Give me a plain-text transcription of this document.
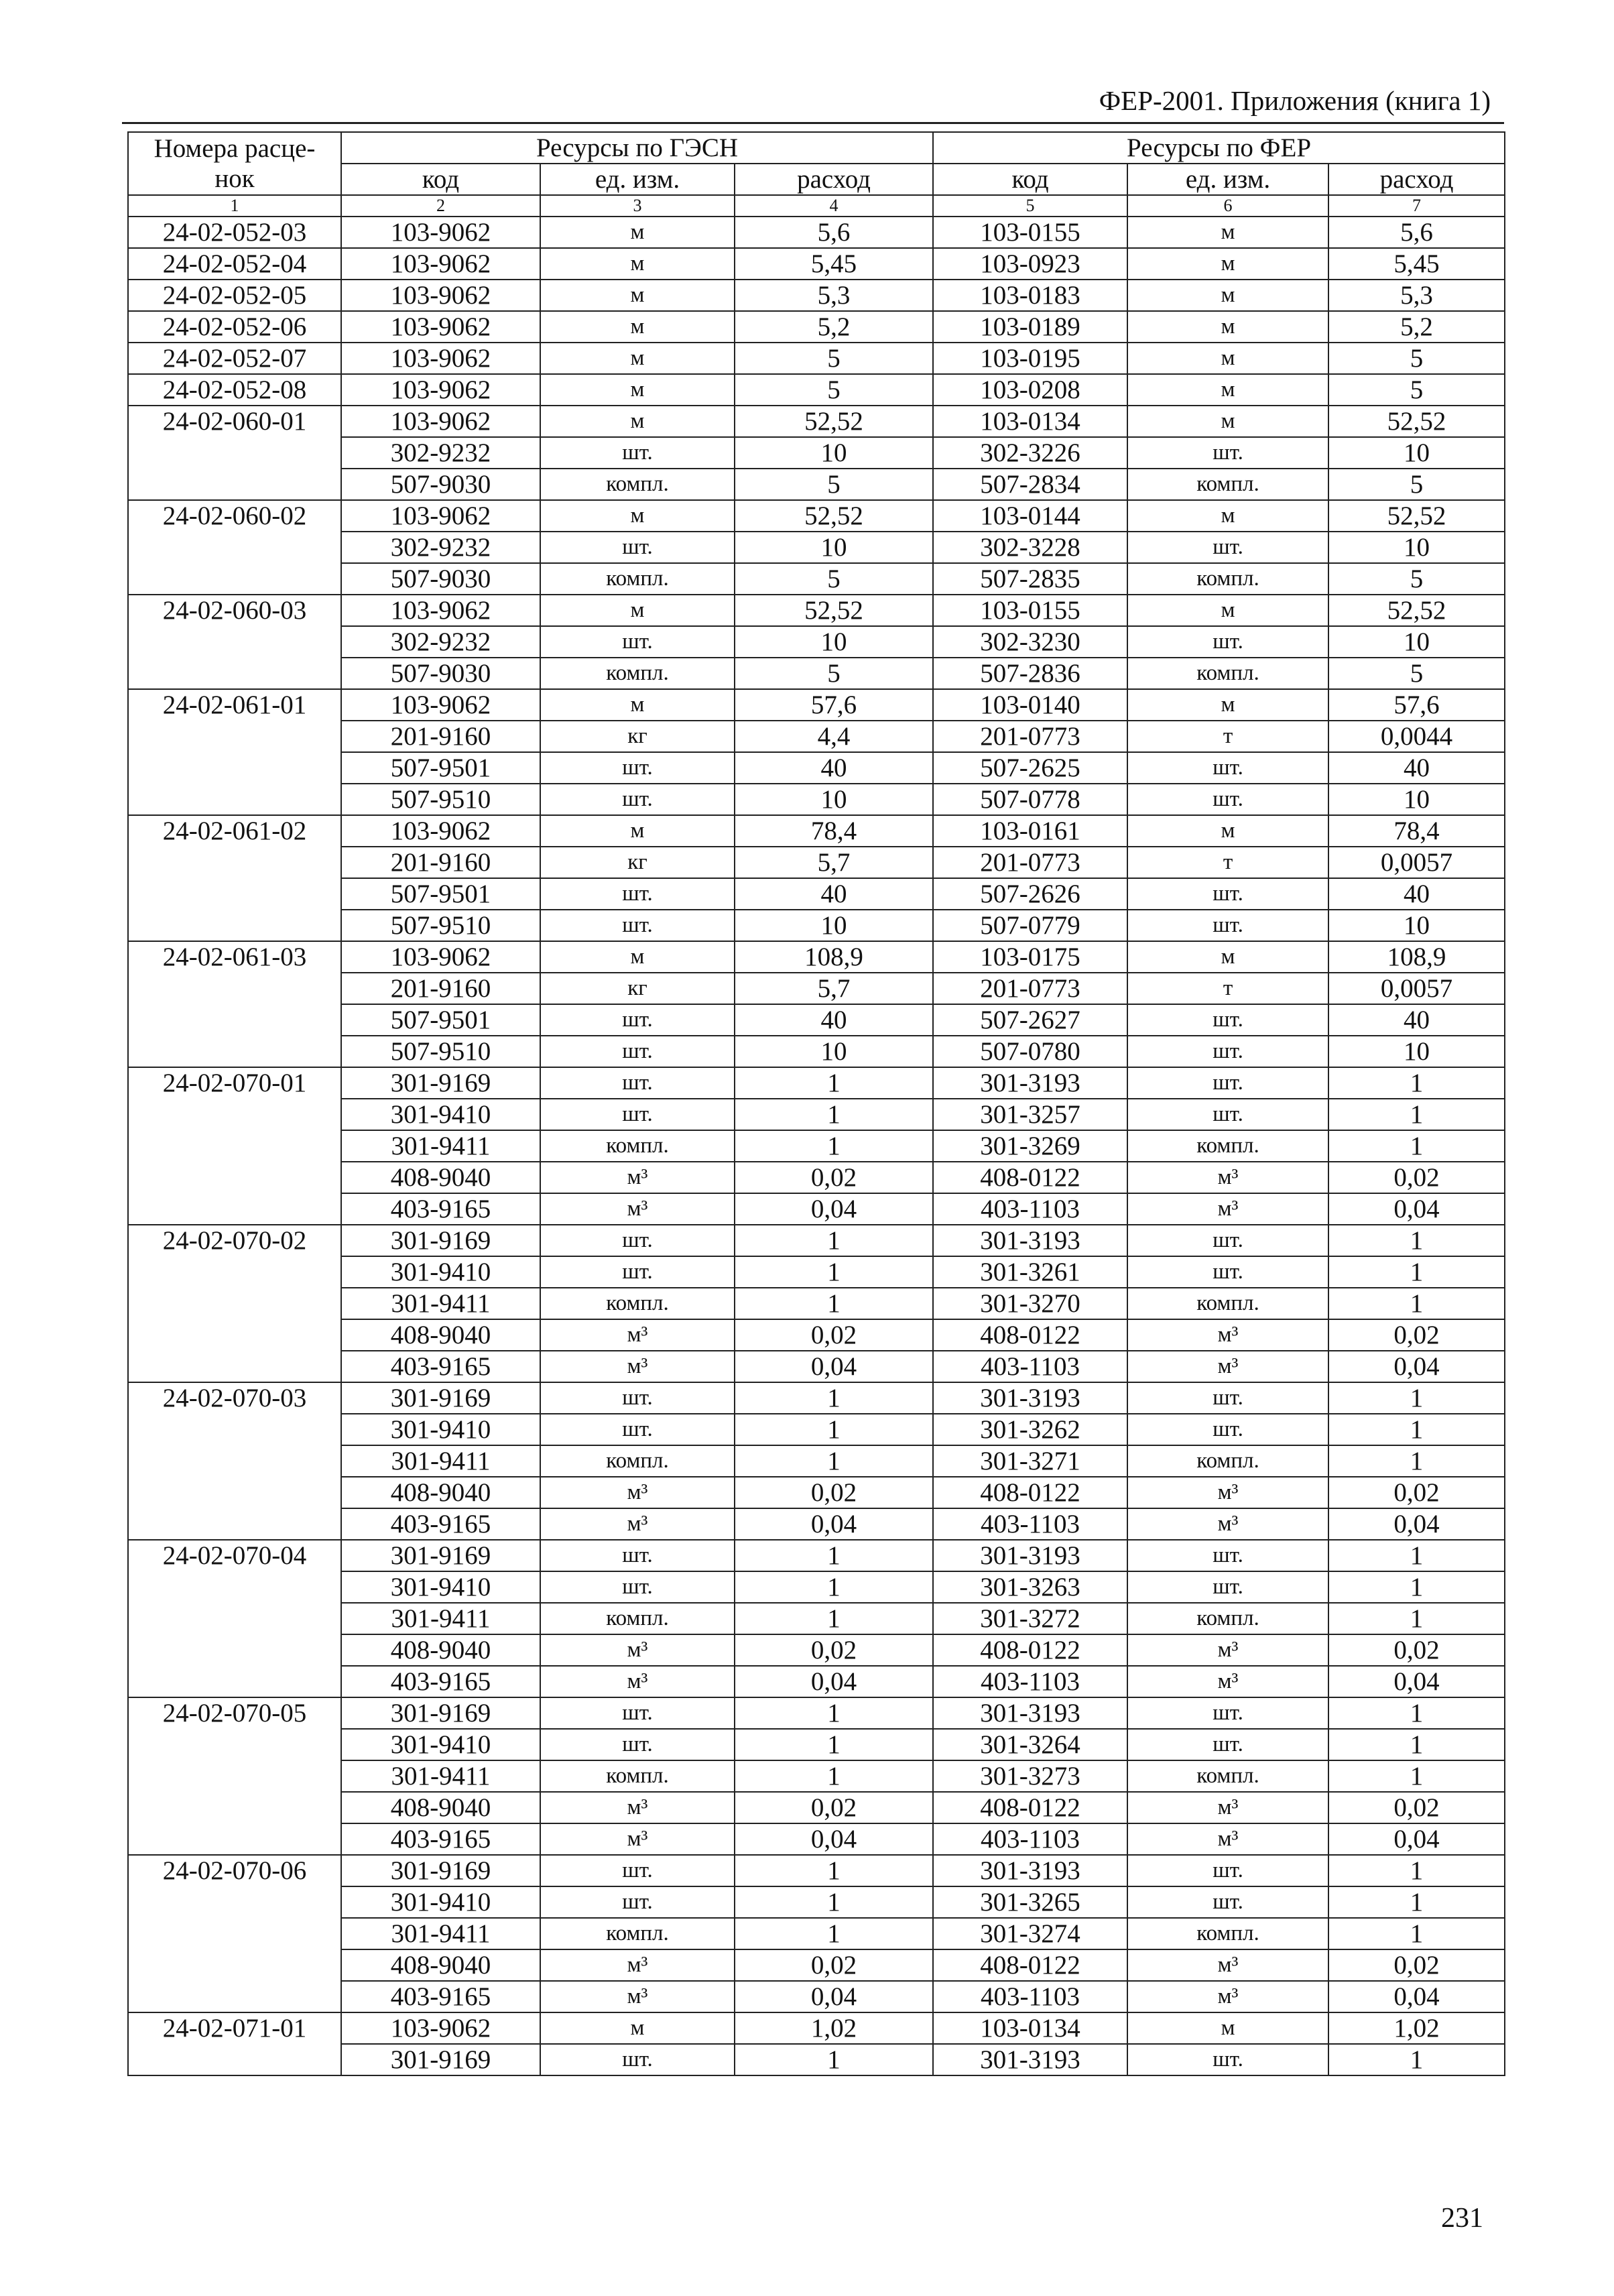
ФЕР-2001. Приложения (книга 1)
Номера расце-нок	Ресурсы по ГЭСН			Ресурсы по ФЕР		
	код	ед. изм.	расход	код	ед. изм.	расход
1	2	3	4	5	6	7
24-02-052-03	103-9062	м	5,6	103-0155	м	5,6
24-02-052-04	103-9062	м	5,45	103-0923	м	5,45
24-02-052-05	103-9062	м	5,3	103-0183	м	5,3
24-02-052-06	103-9062	м	5,2	103-0189	м	5,2
24-02-052-07	103-9062	м	5	103-0195	м	5
24-02-052-08	103-9062	м	5	103-0208	м	5
24-02-060-01	103-9062	м	52,52	103-0134	м	52,52
	302-9232	шт.	10	302-3226	шт.	10
	507-9030	компл.	5	507-2834	компл.	5
24-02-060-02	103-9062	м	52,52	103-0144	м	52,52
	302-9232	шт.	10	302-3228	шт.	10
	507-9030	компл.	5	507-2835	компл.	5
24-02-060-03	103-9062	м	52,52	103-0155	м	52,52
	302-9232	шт.	10	302-3230	шт.	10
	507-9030	компл.	5	507-2836	компл.	5
24-02-061-01	103-9062	м	57,6	103-0140	м	57,6
	201-9160	кг	4,4	201-0773	т	0,0044
	507-9501	шт.	40	507-2625	шт.	40
	507-9510	шт.	10	507-0778	шт.	10
24-02-061-02	103-9062	м	78,4	103-0161	м	78,4
	201-9160	кг	5,7	201-0773	т	0,0057
	507-9501	шт.	40	507-2626	шт.	40
	507-9510	шт.	10	507-0779	шт.	10
24-02-061-03	103-9062	м	108,9	103-0175	м	108,9
	201-9160	кг	5,7	201-0773	т	0,0057
	507-9501	шт.	40	507-2627	шт.	40
	507-9510	шт.	10	507-0780	шт.	10
24-02-070-01	301-9169	шт.	1	301-3193	шт.	1
	301-9410	шт.	1	301-3257	шт.	1
	301-9411	компл.	1	301-3269	компл.	1
	408-9040	м³	0,02	408-0122	м³	0,02
	403-9165	м³	0,04	403-1103	м³	0,04
24-02-070-02	301-9169	шт.	1	301-3193	шт.	1
	301-9410	шт.	1	301-3261	шт.	1
	301-9411	компл.	1	301-3270	компл.	1
	408-9040	м³	0,02	408-0122	м³	0,02
	403-9165	м³	0,04	403-1103	м³	0,04
24-02-070-03	301-9169	шт.	1	301-3193	шт.	1
	301-9410	шт.	1	301-3262	шт.	1
	301-9411	компл.	1	301-3271	компл.	1
	408-9040	м³	0,02	408-0122	м³	0,02
	403-9165	м³	0,04	403-1103	м³	0,04
24-02-070-04	301-9169	шт.	1	301-3193	шт.	1
	301-9410	шт.	1	301-3263	шт.	1
	301-9411	компл.	1	301-3272	компл.	1
	408-9040	м³	0,02	408-0122	м³	0,02
	403-9165	м³	0,04	403-1103	м³	0,04
24-02-070-05	301-9169	шт.	1	301-3193	шт.	1
	301-9410	шт.	1	301-3264	шт.	1
	301-9411	компл.	1	301-3273	компл.	1
	408-9040	м³	0,02	408-0122	м³	0,02
	403-9165	м³	0,04	403-1103	м³	0,04
24-02-070-06	301-9169	шт.	1	301-3193	шт.	1
	301-9410	шт.	1	301-3265	шт.	1
	301-9411	компл.	1	301-3274	компл.	1
	408-9040	м³	0,02	408-0122	м³	0,02
	403-9165	м³	0,04	403-1103	м³	0,04
24-02-071-01	103-9062	м	1,02	103-0134	м	1,02
	301-9169	шт.	1	301-3193	шт.	1
231
